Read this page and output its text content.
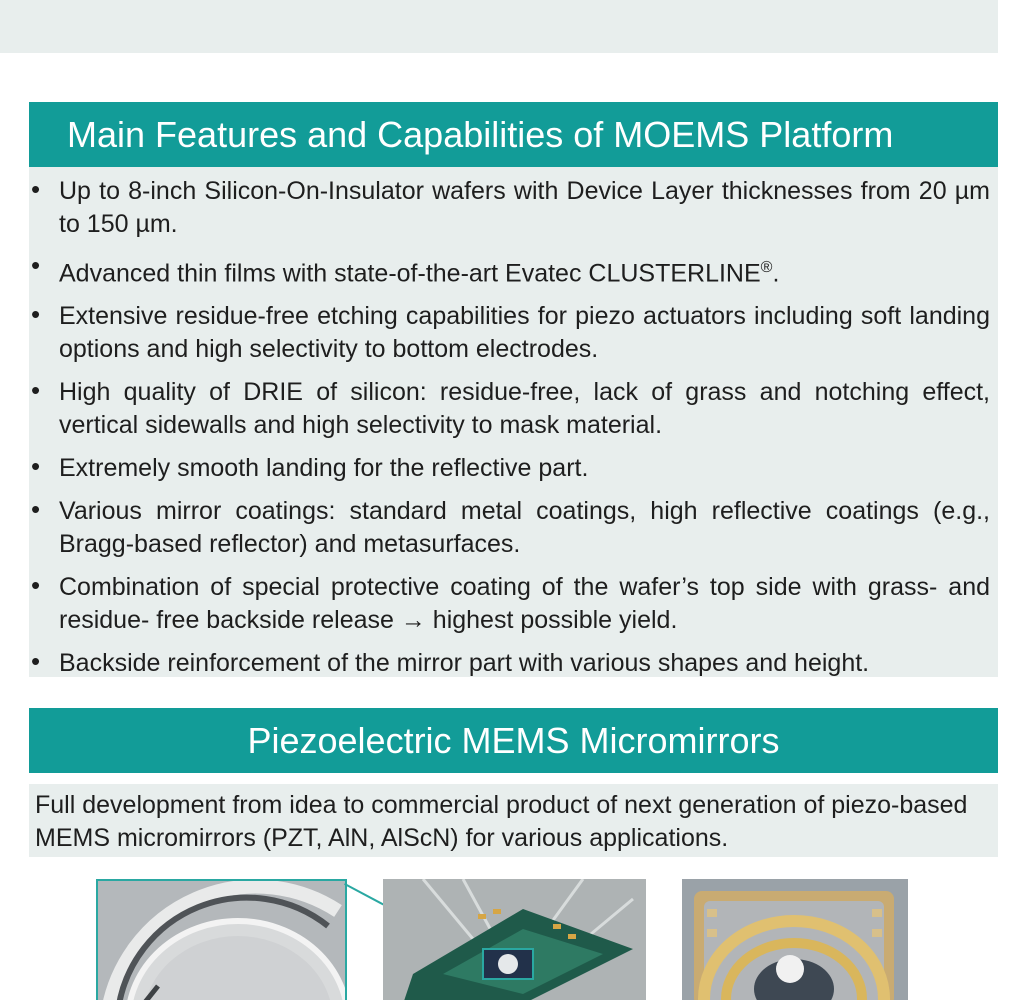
Main Features and Capabilities of MOEMS Platform
• Up to 8-inch Silicon-On-Insulator wafers with Device Layer thicknesses from 20 µm to 150 µm.
• Advanced thin films with state-of-the-art Evatec CLUSTERLINE®.
• Extensive residue-free etching capabilities for piezo actuators including soft landing options and high selectivity to bottom electrodes.
• High quality of DRIE of silicon: residue-free, lack of grass and notching effect, vertical sidewalls and high selectivity to mask material.
• Extremely smooth landing for the reflective part.
• Various mirror coatings: standard metal coatings, high reflective coatings (e.g., Bragg-based reflector) and metasurfaces.
• Combination of special protective coating of the wafer’s top side with grass- and residue- free backside release → highest possible yield.
• Backside reinforcement of the mirror part with various shapes and height.
Piezoelectric MEMS Micromirrors
Full development from idea to commercial product of next generation of piezo-based MEMS micromirrors (PZT, AlN, AlScN) for various applications.
